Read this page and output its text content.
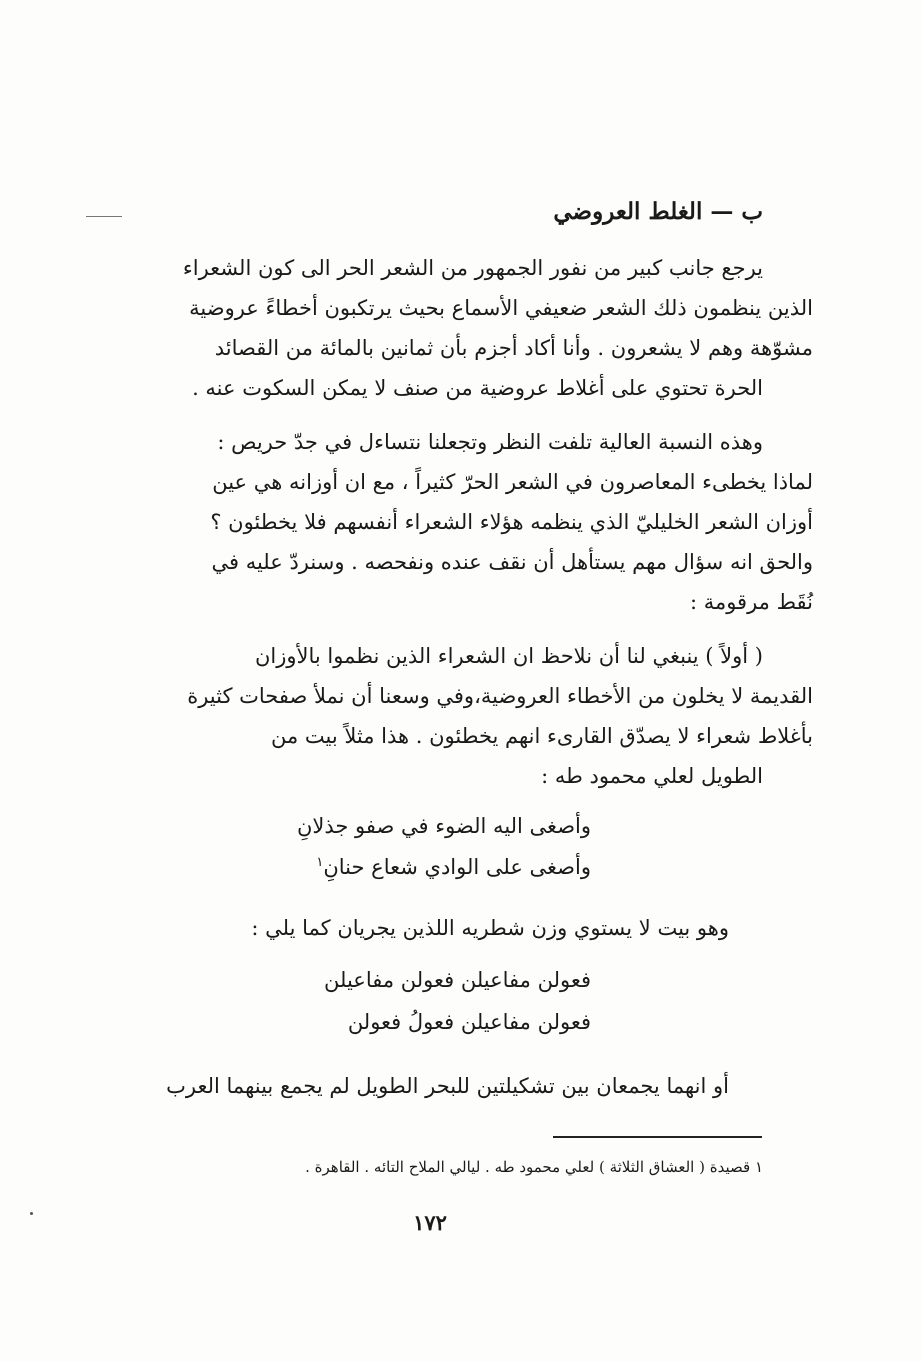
ب — الغلط العروضي
يرجع جانب كبير من نفور الجمهور من الشعر الحر الى كون الشعراء
الذين ينظمون ذلك الشعر ضعيفي الأسماع بحيث يرتكبون أخطاءً عروضية
مشوّهة وهم لا يشعرون . وأنا أكاد أجزم بأن ثمانين بالمائة من القصائد
الحرة تحتوي على أغلاط عروضية من صنف لا يمكن السكوت عنه .
وهذه النسبة العالية تلفت النظر وتجعلنا نتساءل في جدّ حريص :
لماذا يخطىء المعاصرون في الشعر الحرّ كثيراً ، مع ان أوزانه هي عين
أوزان الشعر الخليليّ الذي ينظمه هؤلاء الشعراء أنفسهم فلا يخطئون ؟
والحق انه سؤال مهم يستأهل أن نقف عنده ونفحصه . وسنردّ عليه في
نُقَط مرقومة :
( أولاً ) ينبغي لنا أن نلاحظ ان الشعراء الذين نظموا بالأوزان
القديمة لا يخلون من الأخطاء العروضية،وفي وسعنا أن نملأ صفحات كثيرة
بأغلاط شعراء لا يصدّق القارىء انهم يخطئون . هذا مثلاً بيت من
الطويل لعلي محمود طه :
وأصغى اليه الضوء في صفو جذلانِ
وأصغى على الوادي شعاع حنانِ$^١$
وهو بيت لا يستوي وزن شطريه اللذين يجريان كما يلي :
فعولن مفاعيلن فعولن مفاعيلن
فعولن مفاعيلن فعولُ فعولن
أو انهما يجمعان بين تشكيلتين للبحر الطويل لم يجمع بينهما العرب
١ قصيدة ( العشاق الثلاثة ) لعلي محمود طه . ليالي الملاح التائه . القاهرة .
١٧٢
